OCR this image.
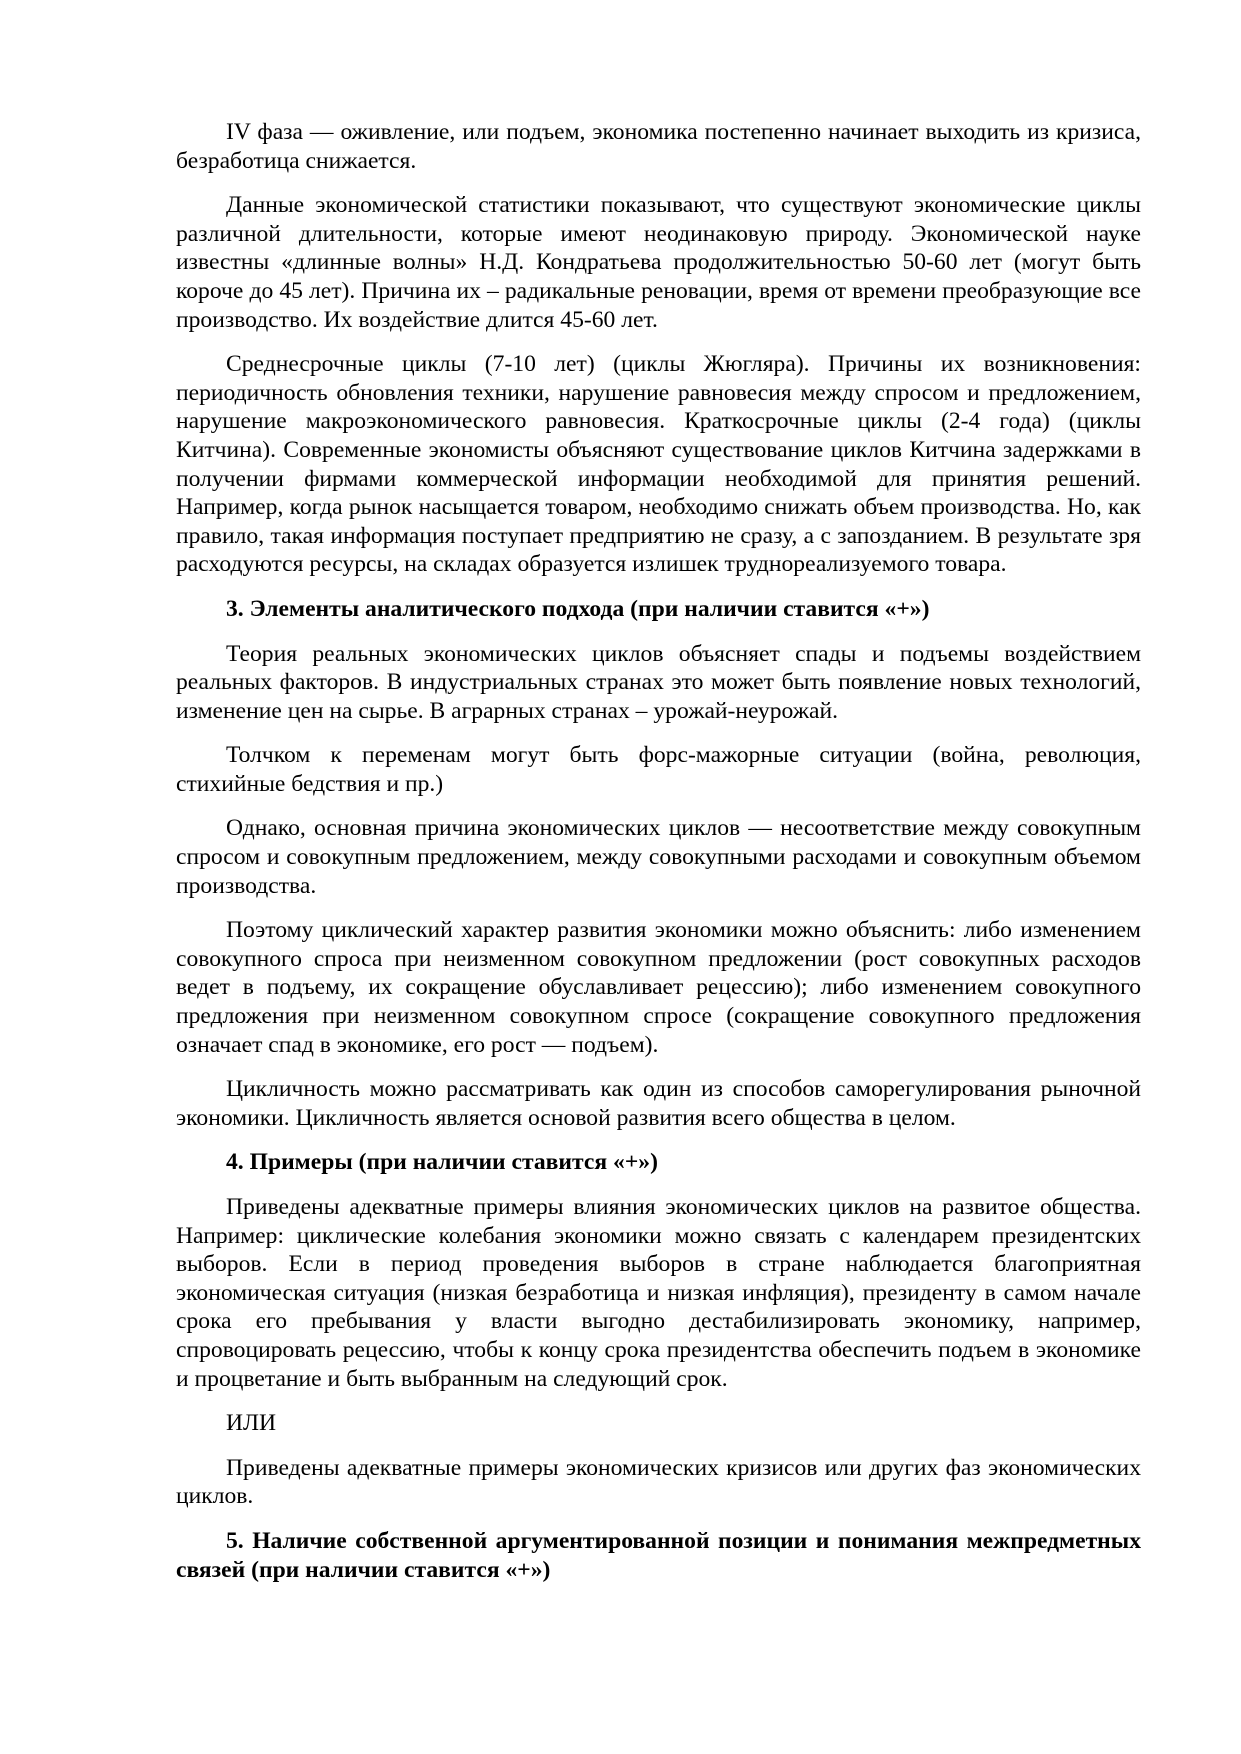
IV фаза — оживление, или подъем, экономика постепенно начинает выходить из кризиса, безработица снижается.

Данные экономической статистики показывают, что существуют экономические циклы различной длительности, которые имеют неодинаковую природу. Экономической науке известны «длинные волны» Н.Д. Кондратьева продолжительностью 50-60 лет (могут быть короче до 45 лет). Причина их – радикальные реновации, время от времени преобразующие все производство. Их воздействие длится 45-60 лет.

Среднесрочные циклы (7-10 лет) (циклы Жюгляра). Причины их возникновения: периодичность обновления техники, нарушение равновесия между спросом и предложением, нарушение макроэкономического равновесия. Краткосрочные циклы (2-4 года) (циклы Китчина). Современные экономисты объясняют существование циклов Китчина задержками в получении фирмами коммерческой информации необходимой для принятия решений. Например, когда рынок насыщается товаром, необходимо снижать объем производства. Но, как правило, такая информация поступает предприятию не сразу, а с запозданием. В результате зря расходуются ресурсы, на складах образуется излишек труднореализуемого товара.

3. Элементы аналитического подхода (при наличии ставится «+»)

Теория реальных экономических циклов объясняет спады и подъемы воздействием реальных факторов. В индустриальных странах это может быть появление новых технологий, изменение цен на сырье. В аграрных странах – урожай-неурожай.

Толчком к переменам могут быть форс-мажорные ситуации (война, революция, стихийные бедствия и пр.)

Однако, основная причина экономических циклов — несоответствие между совокупным спросом и совокупным предложением, между совокупными расходами и совокупным объемом производства.

Поэтому циклический характер развития экономики можно объяснить: либо изменением совокупного спроса при неизменном совокупном предложении (рост совокупных расходов ведет в подъему, их сокращение обуславливает рецессию); либо изменением совокупного предложения при неизменном совокупном спросе (сокращение совокупного предложения означает спад в экономике, его рост — подъем).

Цикличность можно рассматривать как один из способов саморегулирования рыночной экономики. Цикличность является основой развития всего общества в целом.

4. Примеры (при наличии ставится «+»)

Приведены адекватные примеры влияния экономических циклов на развитое общества. Например: циклические колебания экономики можно связать с календарем президентских выборов. Если в период проведения выборов в стране наблюдается благоприятная экономическая ситуация (низкая безработица и низкая инфляция), президенту в самом начале срока его пребывания у власти выгодно дестабилизировать экономику, например, спровоцировать рецессию, чтобы к концу срока президентства обеспечить подъем в экономике и процветание и быть выбранным на следующий срок.

ИЛИ

Приведены адекватные примеры экономических кризисов или других фаз экономических циклов.

5. Наличие собственной аргументированной позиции и понимания межпредметных связей (при наличии ставится «+»)
